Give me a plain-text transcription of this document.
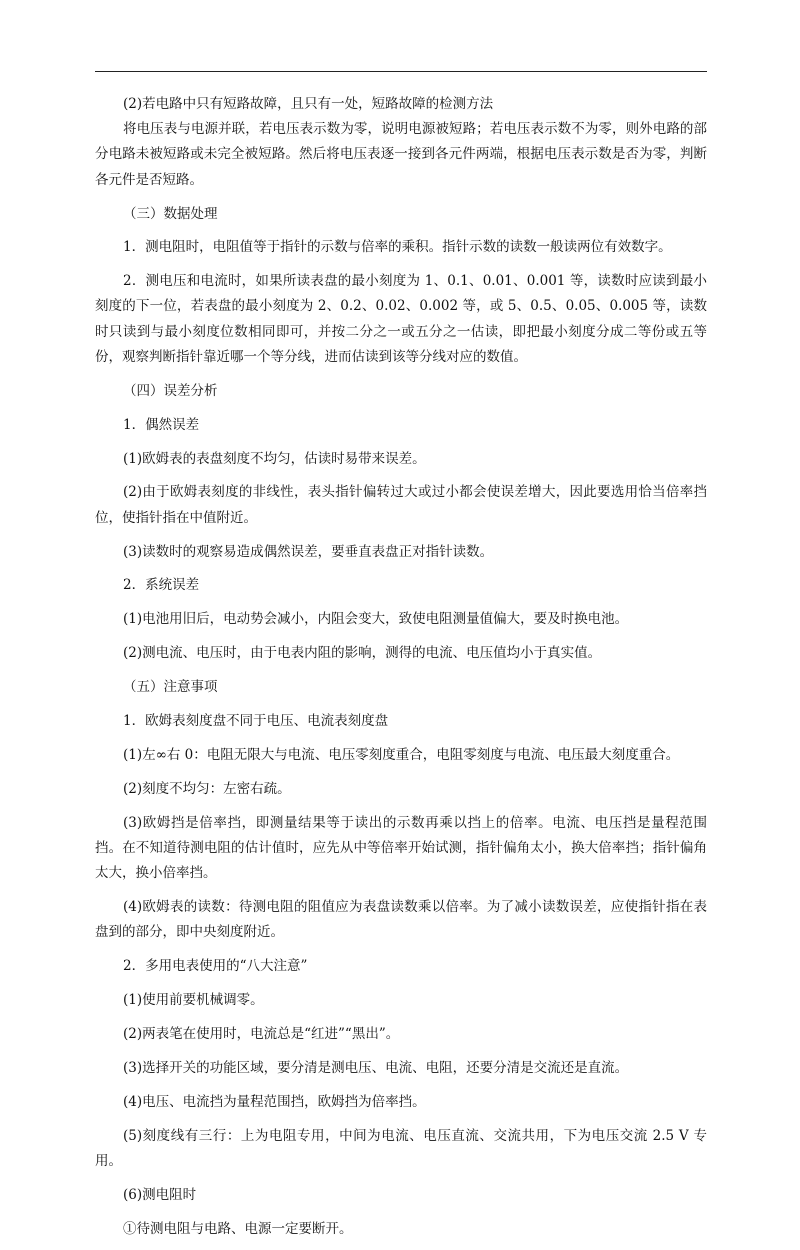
(2)若电路中只有短路故障，且只有一处，短路故障的检测方法

将电压表与电源并联，若电压表示数为零，说明电源被短路；若电压表示数不为零，则外电路的部分电路未被短路或未完全被短路。然后将电压表逐一接到各元件两端，根据电压表示数是否为零，判断各元件是否短路。

（三）数据处理

1．测电阻时，电阻值等于指针的示数与倍率的乘积。指针示数的读数一般读两位有效数字。

2．测电压和电流时，如果所读表盘的最小刻度为 1、0.1、0.01、0.001 等，读数时应读到最小刻度的下一位，若表盘的最小刻度为 2、0.2、0.02、0.002 等，或 5、0.5、0.05、0.005 等，读数时只读到与最小刻度位数相同即可，并按二分之一或五分之一估读，即把最小刻度分成二等份或五等份，观察判断指针靠近哪一个等分线，进而估读到该等分线对应的数值。

（四）误差分析

1．偶然误差

(1)欧姆表的表盘刻度不均匀，估读时易带来误差。

(2)由于欧姆表刻度的非线性，表头指针偏转过大或过小都会使误差增大，因此要选用恰当倍率挡位，使指针指在中值附近。

(3)读数时的观察易造成偶然误差，要垂直表盘正对指针读数。

2．系统误差

(1)电池用旧后，电动势会减小，内阻会变大，致使电阻测量值偏大，要及时换电池。

(2)测电流、电压时，由于电表内阻的影响，测得的电流、电压值均小于真实值。

（五）注意事项

1．欧姆表刻度盘不同于电压、电流表刻度盘

(1)左∞右 0：电阻无限大与电流、电压零刻度重合，电阻零刻度与电流、电压最大刻度重合。

(2)刻度不均匀：左密右疏。

(3)欧姆挡是倍率挡，即测量结果等于读出的示数再乘以挡上的倍率。电流、电压挡是量程范围挡。在不知道待测电阻的估计值时，应先从中等倍率开始试测，指针偏角太小，换大倍率挡；指针偏角太大，换小倍率挡。

(4)欧姆表的读数：待测电阻的阻值应为表盘读数乘以倍率。为了减小读数误差，应使指针指在表盘到的部分，即中央刻度附近。

2．多用电表使用的“八大注意”

(1)使用前要机械调零。

(2)两表笔在使用时，电流总是“红进”“黑出”。

(3)选择开关的功能区域，要分清是测电压、电流、电阻，还要分清是交流还是直流。

(4)电压、电流挡为量程范围挡，欧姆挡为倍率挡。

(5)刻度线有三行：上为电阻专用，中间为电流、电压直流、交流共用，下为电压交流 2.5 V 专用。

(6)测电阻时

①待测电阻与电路、电源一定要断开。
